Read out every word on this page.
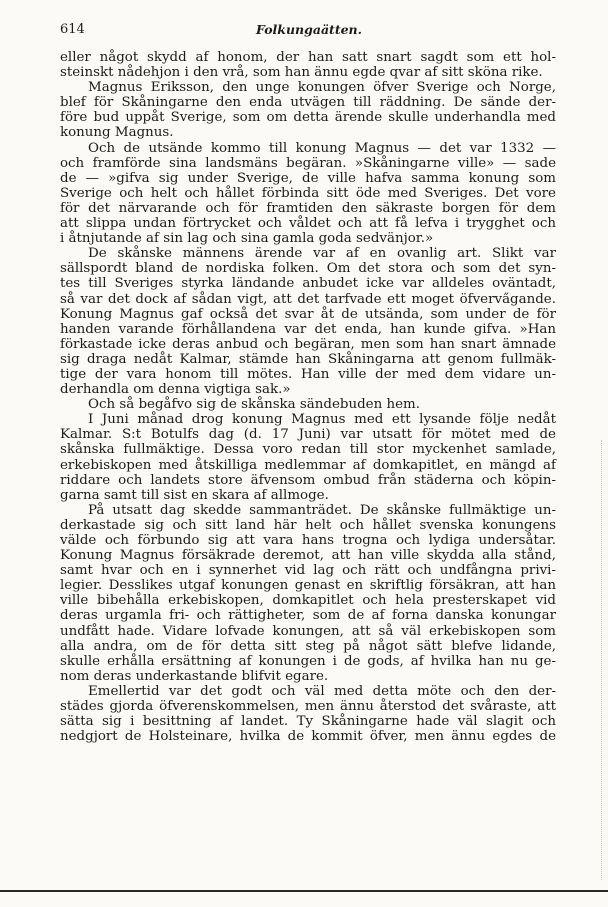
614	Folkungaätten.
eller något skydd af honom, der han satt snart sagdt som ett hol-
steinskt nådehjon i den vrå, som han ännu egde qvar af sitt sköna rike.
Magnus Eriksson, den unge konungen öfver Sverige och Norge,
blef för Skåningarne den enda utvägen till räddning. De sände der-
före bud uppåt Sverige, som om detta ärende skulle underhandla med
konung Magnus.
Och de utsände kommo till konung Magnus — det var 1332 —
och framförde sina landsmäns begäran. »Skåningarne ville» — sade
de — »gifva sig under Sverige, de ville hafva samma konung som
Sverige och helt och hållet förbinda sitt öde med Sveriges. Det vore
för det närvarande och för framtiden den säkraste borgen för dem
att slippa undan förtrycket och våldet och att få lefva i trygghet och
i åtnjutande af sin lag och sina gamla goda sedvänjor.»
De skånske männens ärende var af en ovanlig art. Slikt var
sällspordt bland de nordiska folken. Om det stora och som det syn-
tes till Sveriges styrka ländande anbudet icke var alldeles oväntadt,
så var det dock af sådan vigt, att det tarfvade ett moget öfverva̋gande.
Konung Magnus gaf också det svar åt de utsända, som under de för
handen varande förhållandena var det enda, han kunde gifva. »Han
förkastade icke deras anbud och begäran, men som han snart ämnade
sig draga nedåt Kalmar, stämde han Skåningarna att genom fullmäk-
tige der vara honom till mötes. Han ville der med dem vidare un-
derhandla om denna vigtiga sak.»
Och så begåfvo sig de skånska sändebuden hem.
I Juni månad drog konung Magnus med ett lysande följe nedåt
Kalmar. S:t Botulfs dag (d. 17 Juni) var utsatt för mötet med de
skånska fullmäktige. Dessa voro redan till stor myckenhet samlade,
erkebiskopen med åtskilliga medlemmar af domkapitlet, en mängd af
riddare och landets store äfvensom ombud från städerna och köpin-
garna samt till sist en skara af allmoge.
På utsatt dag skedde sammanträdet. De skånske fullmäktige un-
derkastade sig och sitt land här helt och hållet svenska konungens
välde och förbundo sig att vara hans trogna och lydiga undersåtar.
Konung Magnus försäkrade deremot, att han ville skydda alla stånd,
samt hvar och en i synnerhet vid lag och rätt och undfångna privi-
legier. Desslikes utgaf konungen genast en skriftlig försäkran, att han
ville bibehålla erkebiskopen, domkapitlet och hela presterskapet vid
deras urgamla fri- och rättigheter, som de af forna danska konungar
undfått hade. Vidare lofvade konungen, att så väl erkebiskopen som
alla andra, om de för detta sitt steg på något sätt blefve lidande,
skulle erhålla ersättning af konungen i de gods, af hvilka han nu ge-
nom deras underkastande blifvit egare.
Emellertid var det godt och väl med detta möte och den der-
städes gjorda öfverenskommelsen, men ännu återstod det svåraste, att
sätta sig i besittning af landet. Ty Skåningarne hade väl slagit och
nedgjort de Holsteinare, hvilka de kommit öfver, men ännu egdes de
